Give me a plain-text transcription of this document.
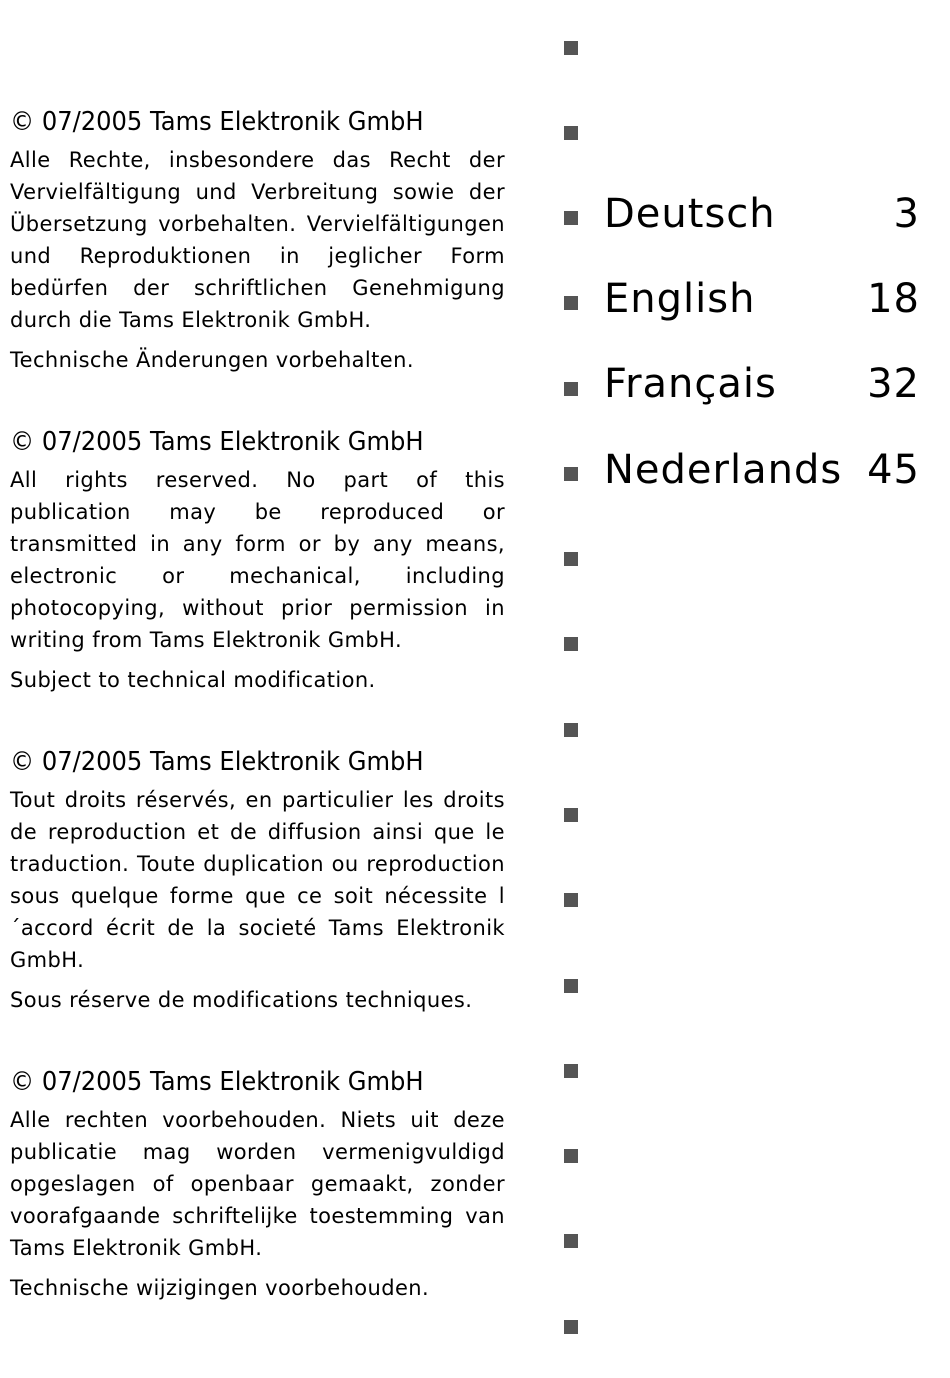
© 07/2005 Tams Elektronik GmbH

Alle Rechte, insbesondere das Recht der Vervielfältigung und Verbreitung sowie der Übersetzung vorbehalten. Vervielfältigungen und Reproduktionen in jeglicher Form bedürfen der schriftlichen Genehmigung durch die Tams Elektronik GmbH.

Technische Änderungen vorbehalten.

© 07/2005 Tams Elektronik GmbH

All rights reserved. No part of this publication may be reproduced or transmitted in any form or by any means, electronic or mechanical, including photocopying, without prior permission in writing from Tams Elektronik GmbH.

Subject to technical modification.

© 07/2005 Tams Elektronik GmbH

Tout droits réservés, en particulier les droits de reproduction et de diffusion ainsi que le traduction. Toute duplication ou reproduction sous quelque forme que ce soit nécessite l´accord écrit de la societé Tams Elektronik GmbH.

Sous réserve de modifications techniques.

© 07/2005 Tams Elektronik GmbH

Alle rechten voorbehouden. Niets uit deze publicatie mag worden vermenigvuldigd opgeslagen of openbaar gemaakt, zonder voorafgaande schriftelijke toestemming van Tams Elektronik GmbH.

Technische wijzigingen voorbehouden.

Deutsch	3
English	18
Français 32
Nederlands 45
